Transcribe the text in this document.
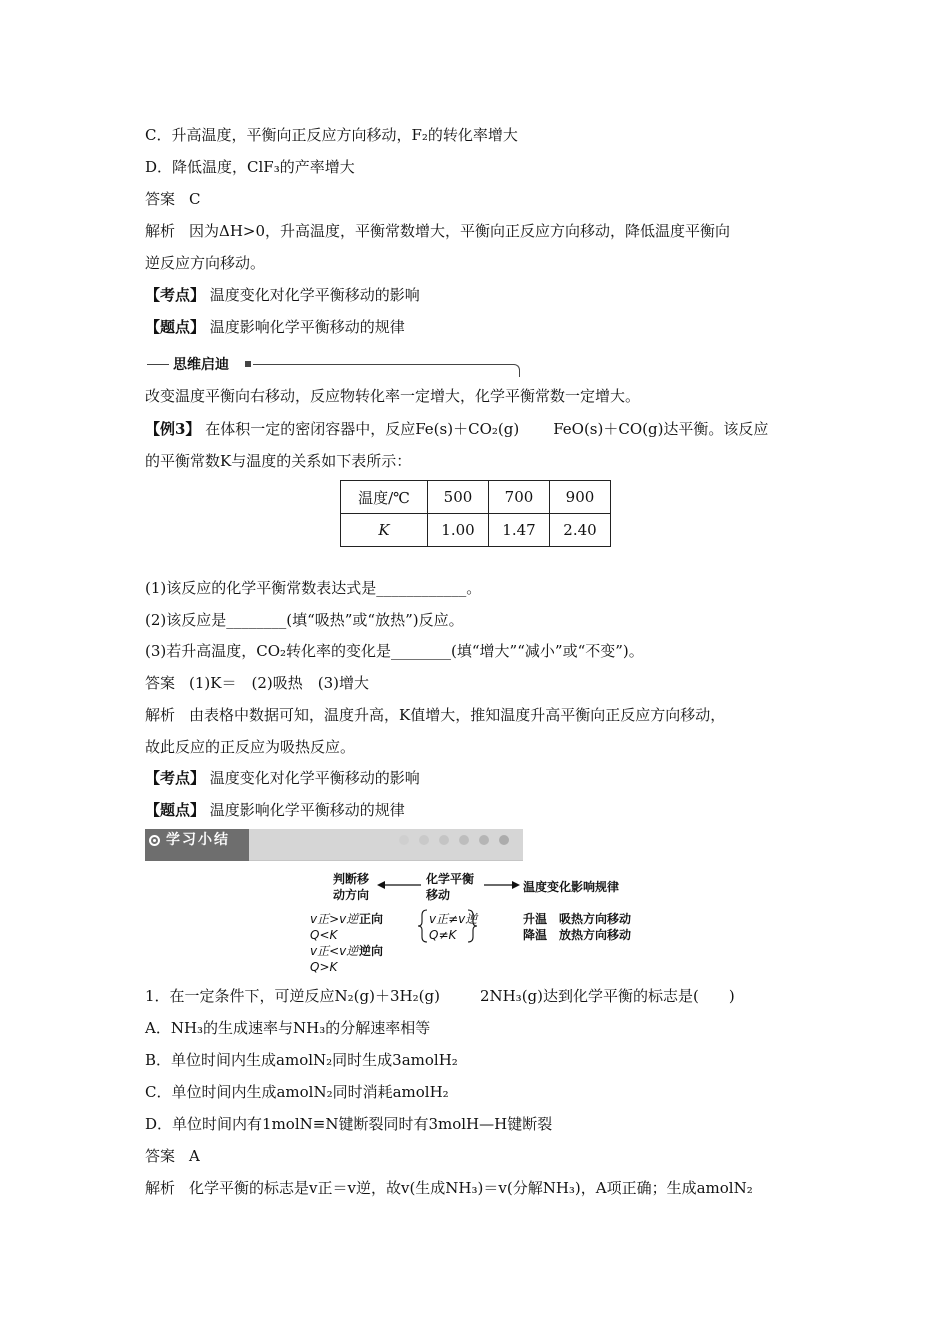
C．升高温度，平衡向正反应方向移动，F₂的转化率增大
D．降低温度，ClF₃的产率增大
答案 C
解析 因为ΔH>0，升高温度，平衡常数增大，平衡向正反应方向移动，降低温度平衡向
逆反应方向移动。
【考点】 温度变化对化学平衡移动的影响
【题点】 温度影响化学平衡移动的规律
思维启迪
改变温度平衡向右移动，反应物转化率一定增大，化学平衡常数一定增大。
【例3】 在体积一定的密闭容器中，反应Fe(s)＋CO₂(g) FeO(s)＋CO(g)达平衡。该反应
的平衡常数K与温度的关系如下表所示：
温度/℃	500	700	900
K	1.00	1.47	2.40
(1)该反应的化学平衡常数表达式是____________。
(2)该反应是________(填“吸热”或“放热”)反应。
(3)若升高温度，CO₂转化率的变化是________(填“增大”“减小”或“不变”)。
答案 (1)K＝　(2)吸热　(3)增大
解析 由表格中数据可知，温度升高，K值增大，推知温度升高平衡向正反应方向移动，
故此反应的正反应为吸热反应。
【考点】 温度变化对化学平衡移动的影响
【题点】 温度影响化学平衡移动的规律
学习小结
判断移
动方向
化学平衡
移动
温度变化影响规律
v正>v逆
Q<K
正向
v正<v逆
Q>K
逆向
v正≠v逆
Q≠K
升温　吸热方向移动
降温　放热方向移动
1．在一定条件下，可逆反应N₂(g)＋3H₂(g)	2NH₃(g)达到化学平衡的标志是(　　)
A．NH₃的生成速率与NH₃的分解速率相等
B．单位时间内生成amolN₂同时生成3amolH₂
C．单位时间内生成amolN₂同时消耗amolH₂
D．单位时间内有1molN≡N键断裂同时有3molH—H键断裂
答案 A
解析 化学平衡的标志是v正＝v逆，故v(生成NH₃)＝v(分解NH₃)，A项正确；生成amolN₂
